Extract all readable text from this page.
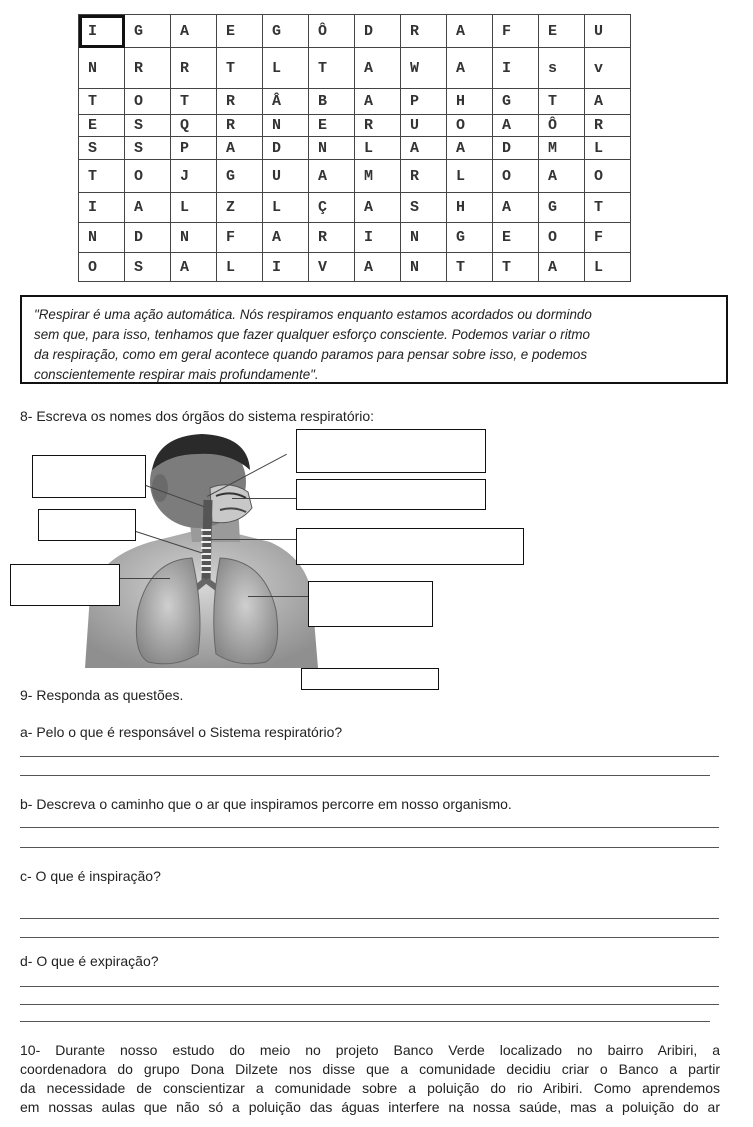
I	G	A	E	G	Ô	D	R	A	F	E	U
N	R	R	T	L	T	A	W	A	I	s	v
T	O	T	R	Â	B	A	P	H	G	T	A
E	S	Q	R	N	E	R	U	O	A	Ô	R
S	S	P	A	D	N	L	A	A	D	M	L
T	O	J	G	U	A	M	R	L	O	A	O
I	A	L	Z	L	Ç	A	S	H	A	G	T
N	D	N	F	A	R	I	N	G	E	O	F
O	S	A	L	I	V	A	N	T	T	A	L
"Respirar é uma ação automática. Nós respiramos enquanto estamos acordados ou dormindo
sem que, para isso, tenhamos que fazer qualquer esforço consciente. Podemos variar o ritmo
da respiração, como em geral acontece quando paramos para pensar sobre isso, e podemos
conscientemente respirar mais profundamente".
8- Escreva os nomes dos órgãos do sistema respiratório:
9- Responda as questões.
a- Pelo o que é responsável o Sistema respiratório?
b- Descreva o caminho que o ar que inspiramos percorre em nosso organismo.
c- O que é inspiração?
d- O que é expiração?
10- Durante nosso estudo do meio no projeto Banco Verde localizado no bairro Aribiri, a
coordenadora do grupo Dona Dilzete nos disse que a comunidade decidiu criar o Banco a partir
da necessidade de conscientizar a comunidade sobre a poluição do rio Aribiri. Como aprendemos
em nossas aulas que não só a poluição das águas interfere na nossa saúde, mas a poluição do ar
